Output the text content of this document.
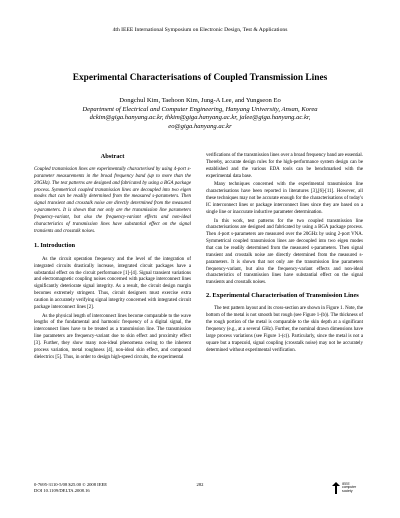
4th IEEE International Symposium on Electronic Design, Test & Applications
Experimental Characterisations of Coupled Transmission Lines
Dongchul Kim, Taehoon Kim, Jung-A Lee, and Yungseon Eo
Department of Electrical and Computer Engineering, Hanyang University, Ansan, Korea
dckim@giga.hanyang.ac.kr, thkim@giga.hanyang.ac.kr, jalee@giga.hanyang.ac.kr,
eo@giga.hanyang.ac.kr
Abstract
Coupled transmission lines are experimentally characterised by using 4-port s-parameter measurements in the broad frequency band (up to more than the 20GHz). The test patterns are designed and fabricated by using a BGA package process. Symmetrical coupled transmission lines are decoupled into two eigen modes that can be readily determined from the measured s-parameters. Then signal transient and crosstalk noise are directly determined from the measured s-parameters. It is shown that not only are the transmission line parameters frequency-variant, but also the frequency-variant effects and non-ideal characteristics of transmission lines have substantial effect on the signal transients and crosstalk noises.
1. Introduction
As the circuit operation frequency and the level of the integration of integrated circuits drastically increase, integrated circuit packages have a substantial effect on the circuit performance [1]-[4]. Signal transient variations and electromagnetic coupling noises concerned with package interconnect lines significantly deteriorate signal integrity. As a result, the circuit design margin becomes extremely stringent. Thus, circuit designers must exercise extra caution in accurately verifying signal integrity concerned with integrated circuit package interconnect lines [2].
As the physical length of interconnect lines become comparable to the wave lengths of the fundamental and harmonic frequency of a digital signal, the interconnect lines have to be treated as a transmission line. The transmission line parameters are frequency-variant due to skin effect and proximity effect [3]. Further, they show many non-ideal phenomena owing to the inherent process variation, metal roughness [4], non-ideal skin effect, and compound dielectrics [5]. Thus, in order to design high-speed circuits, the experimental
verifications of the transmission lines over a broad frequency band are essential. Thereby, accurate design rules for the high-performance system design can be established and the various EDA tools can be benchmarked with the experimental data base.
Many techniques concerned with the experimental transmission line characterisations have been reported in literatures [3],[6]-[11]. However, all these techniques may not be accurate enough for the characterisations of today's IC interconnect lines or package interconnect lines since they are based on a single line or inaccurate inductive parameter determination.
In this work, test patterns for the two coupled transmission line characterisations are designed and fabricated by using a BGA package process. Then 4-port s-parameters are measured over the 20GHz by using 2-port VNA. Symmetrical coupled transmission lines are decoupled into two eigen modes that can be readily determined from the measured s-parameters. Then signal transient and crosstalk noise are directly determined from the measured s-parameters. It is shown that not only are the transmission line parameters frequency-variant, but also the frequency-variant effects and non-ideal characteristics of transmission lines have substantial effect on the signal transients and crosstalk noises.
2. Experimental Characterisation of Transmission Lines
The test pattern layout and its cross-section are shown in Figure 1. Note, the bottom of the metal is not smooth but rough (see Figure 1-(b)). The thickness of the rough portion of the metal is comparable to the skin depth at a significant frequency (e.g., at a several GHz). Further, the nominal drawn dimensions have large process variations (see Figure 1-(c)). Particularly, since the metal is not a square but a trapezoid, signal coupling (crosstalk noise) may not be accurately determined without experimental verification.
0-7695-3110-5/08 $25.00 © 2008 IEEE
DOI 10.1109/DELTA.2008.16
282	IEEE
computer
society
